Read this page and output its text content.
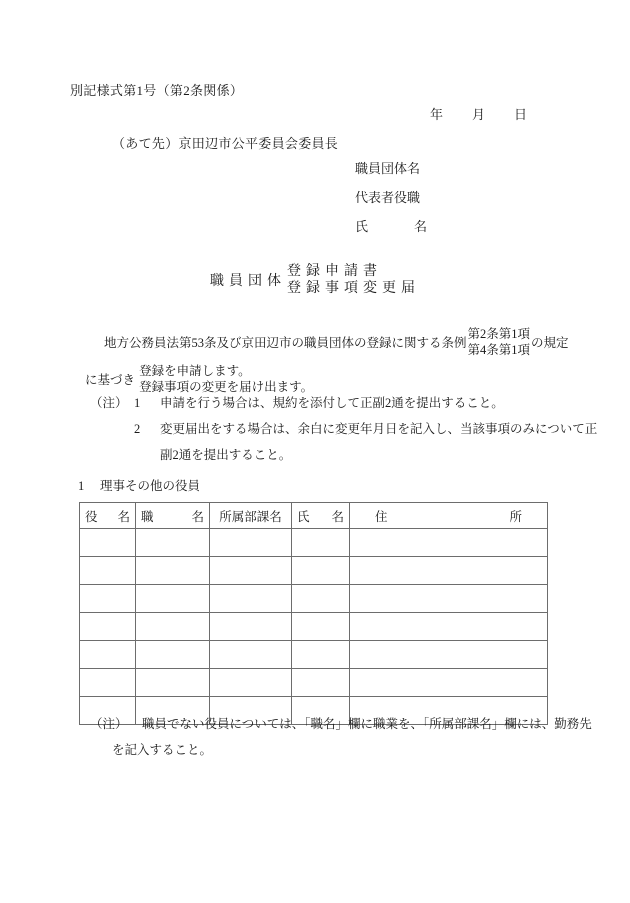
別記様式第1号（第2条関係）
年 月 日
（あて先）京田辺市公平委員会委員長
職員団体名
代表者役職
氏名
職員団体
登録申請書
登録事項変更届
地方公務員法第53条及び京田辺市の職員団体の登録に関する条例
第2条第1項
第4条第1項 の規定
に基づき
登録を申請します。
登録事項の変更を届け出ます。
（注） 1 申請を行う場合は、規約を添付して正副2通を提出すること。
2 変更届出をする場合は、余白に変更年月日を記入し、当該事項のみについて正
副2通を提出すること。
1 理事その他の役員
役名	職名	所属部課名	氏名	住所

（注） 職員でない役員については、「職名」欄に職業を、「所属部課名」欄には、勤務先
を記入すること。
